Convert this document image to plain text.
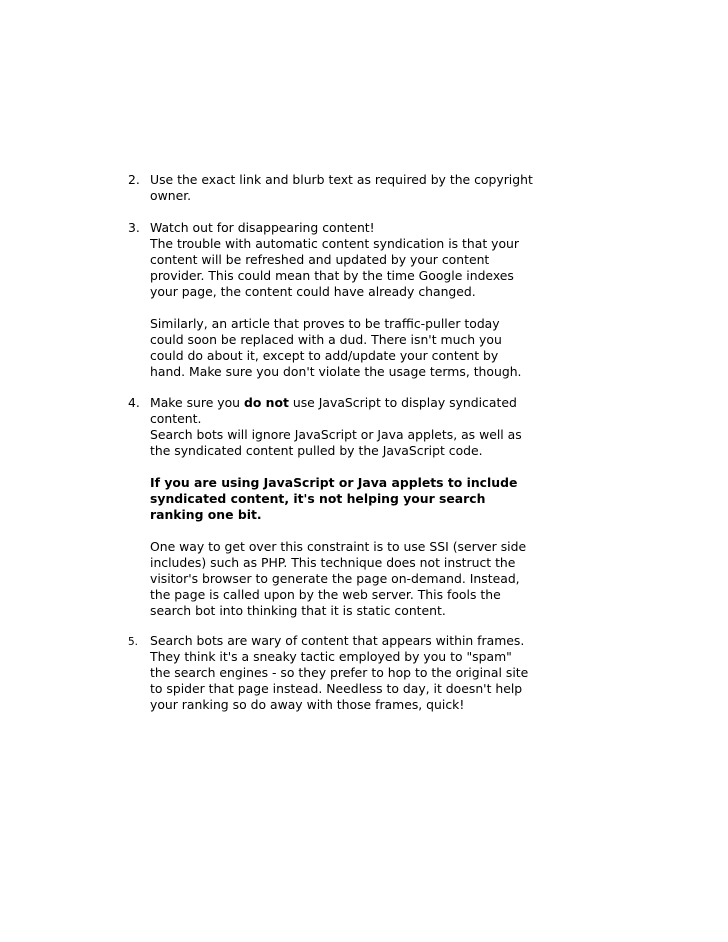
2. Use the exact link and blurb text as required by the copyright
owner.
3. Watch out for disappearing content!
The trouble with automatic content syndication is that your
content will be refreshed and updated by your content
provider. This could mean that by the time Google indexes
your page, the content could have already changed.
Similarly, an article that proves to be traffic-puller today
could soon be replaced with a dud. There isn't much you
could do about it, except to add/update your content by
hand. Make sure you don't violate the usage terms, though.
4. Make sure you do not use JavaScript to display syndicated
content.
Search bots will ignore JavaScript or Java applets, as well as
the syndicated content pulled by the JavaScript code.
If you are using JavaScript or Java applets to include
syndicated content, it's not helping your search
ranking one bit.
One way to get over this constraint is to use SSI (server side
includes) such as PHP. This technique does not instruct the
visitor's browser to generate the page on-demand. Instead,
the page is called upon by the web server. This fools the
search bot into thinking that it is static content.
5. Search bots are wary of content that appears within frames.
They think it's a sneaky tactic employed by you to "spam"
the search engines - so they prefer to hop to the original site
to spider that page instead. Needless to day, it doesn't help
your ranking so do away with those frames, quick!
